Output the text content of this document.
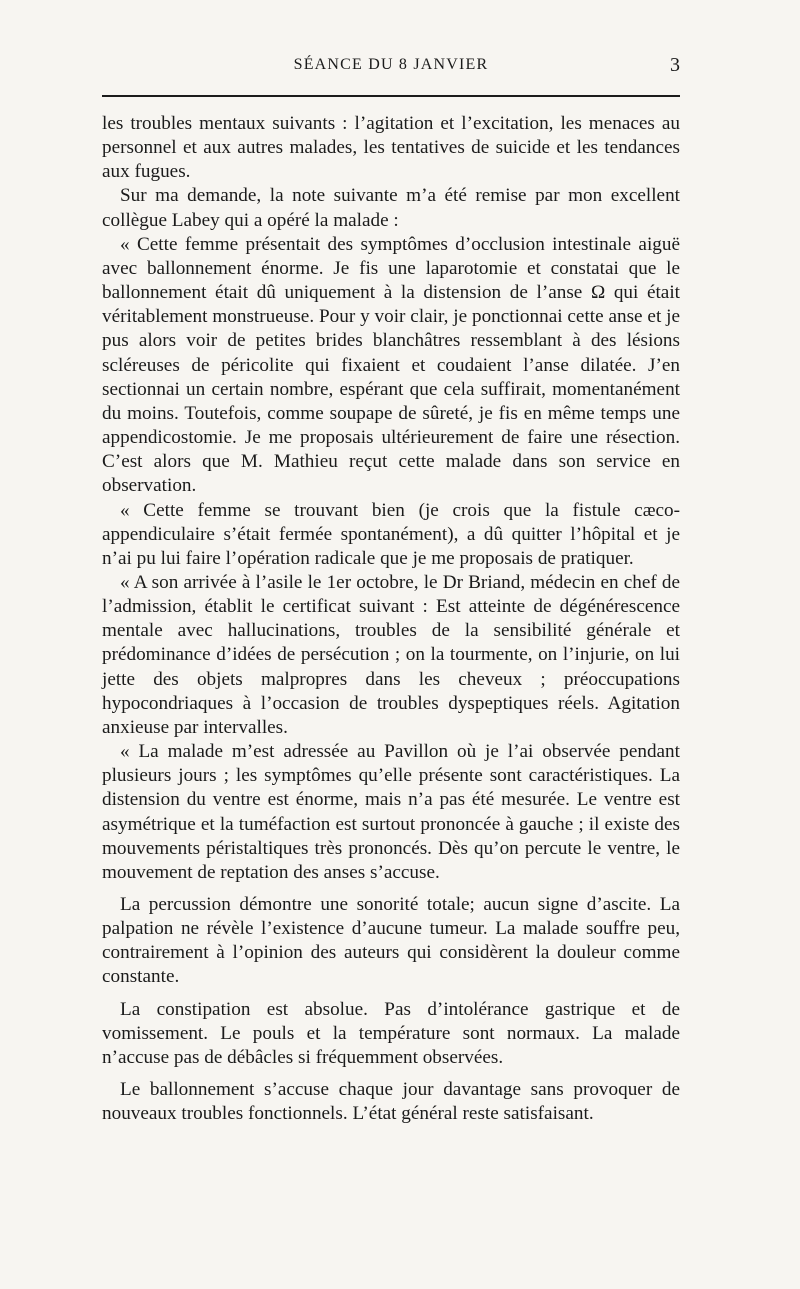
SÉANCE DU 8 JANVIER	3

les troubles mentaux suivants : l’agitation et l’excitation, les menaces au personnel et aux autres malades, les tentatives de suicide et les tendances aux fugues.

Sur ma demande, la note suivante m’a été remise par mon excellent collègue Labey qui a opéré la malade :

« Cette femme présentait des symptômes d’occlusion intestinale aiguë avec ballonnement énorme. Je fis une laparotomie et constatai que le ballonnement était dû uniquement à la distension de l’anse Ω qui était véritablement monstrueuse. Pour y voir clair, je ponctionnai cette anse et je pus alors voir de petites brides blanchâtres ressemblant à des lésions scléreuses de péricolite qui fixaient et coudaient l’anse dilatée. J’en sectionnai un certain nombre, espérant que cela suffirait, momentanément du moins. Toutefois, comme soupape de sûreté, je fis en même temps une appendicostomie. Je me proposais ultérieurement de faire une résection. C’est alors que M. Mathieu reçut cette malade dans son service en observation.

« Cette femme se trouvant bien (je crois que la fistule cæco-appendiculaire s’était fermée spontanément), a dû quitter l’hôpital et je n’ai pu lui faire l’opération radicale que je me proposais de pratiquer.

« A son arrivée à l’asile le 1er octobre, le Dr Briand, médecin en chef de l’admission, établit le certificat suivant : Est atteinte de dégénérescence mentale avec hallucinations, troubles de la sensibilité générale et prédominance d’idées de persécution ; on la tourmente, on l’injurie, on lui jette des objets malpropres dans les cheveux ; préoccupations hypocondriaques à l’occasion de troubles dyspeptiques réels. Agitation anxieuse par intervalles.

« La malade m’est adressée au Pavillon où je l’ai observée pendant plusieurs jours ; les symptômes qu’elle présente sont caractéristiques. La distension du ventre est énorme, mais n’a pas été mesurée. Le ventre est asymétrique et la tuméfaction est surtout prononcée à gauche ; il existe des mouvements péristaltiques très prononcés. Dès qu’on percute le ventre, le mouvement de reptation des anses s’accuse.

La percussion démontre une sonorité totale; aucun signe d’ascite. La palpation ne révèle l’existence d’aucune tumeur. La malade souffre peu, contrairement à l’opinion des auteurs qui considèrent la douleur comme constante.

La constipation est absolue. Pas d’intolérance gastrique et de vomissement. Le pouls et la température sont normaux. La malade n’accuse pas de débâcles si fréquemment observées.

Le ballonnement s’accuse chaque jour davantage sans provoquer de nouveaux troubles fonctionnels. L’état général reste satisfaisant.
